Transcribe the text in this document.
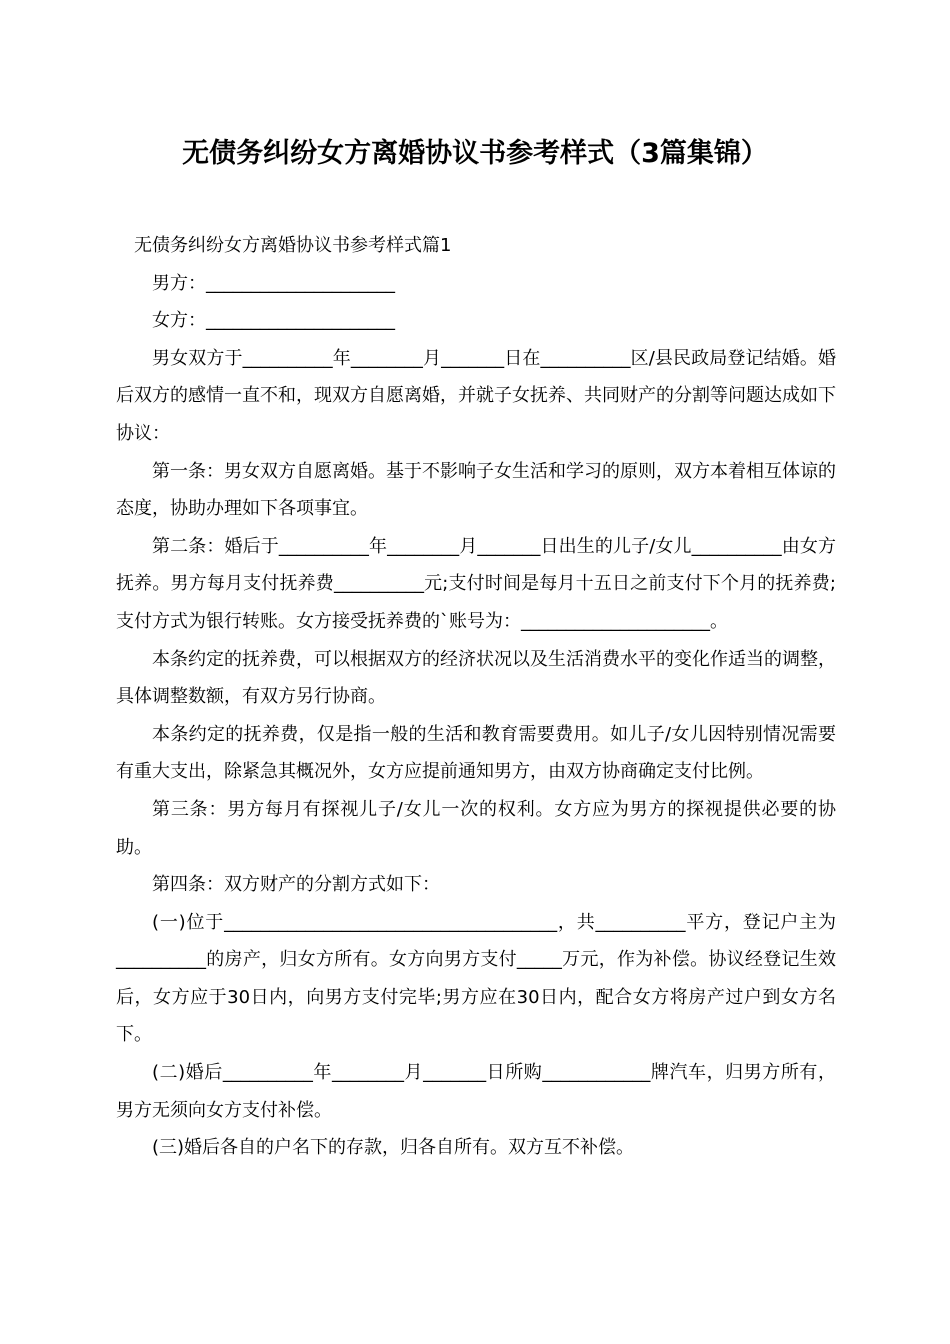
无债务纠纷女方离婚协议书参考样式（3篇集锦）

无债务纠纷女方离婚协议书参考样式篇1

男方：_____________________

女方：_____________________

男女双方于__________年________月_______日在__________区/县民政局登记结婚。婚后双方的感情一直不和，现双方自愿离婚，并就子女抚养、共同财产的分割等问题达成如下协议：

第一条：男女双方自愿离婚。基于不影响子女生活和学习的原则，双方本着相互体谅的态度，协助办理如下各项事宜。

第二条：婚后于__________年________月_______日出生的儿子/女儿__________由女方抚养。男方每月支付抚养费__________元;支付时间是每月十五日之前支付下个月的抚养费;支付方式为银行转账。女方接受抚养费的`账号为：_____________________。

本条约定的抚养费，可以根据双方的经济状况以及生活消费水平的变化作适当的调整，具体调整数额，有双方另行协商。

本条约定的抚养费，仅是指一般的生活和教育需要费用。如儿子/女儿因特别情况需要有重大支出，除紧急其概况外，女方应提前通知男方，由双方协商确定支付比例。

第三条：男方每月有探视儿子/女儿一次的权利。女方应为男方的探视提供必要的协助。

第四条：双方财产的分割方式如下：

(一)位于_____________________________________，共__________平方，登记户主为__________的房产，归女方所有。女方向男方支付_____万元，作为补偿。协议经登记生效后，女方应于30日内，向男方支付完毕;男方应在30日内，配合女方将房产过户到女方名下。

(二)婚后__________年________月_______日所购____________牌汽车，归男方所有，男方无须向女方支付补偿。

(三)婚后各自的户名下的存款，归各自所有。双方互不补偿。
